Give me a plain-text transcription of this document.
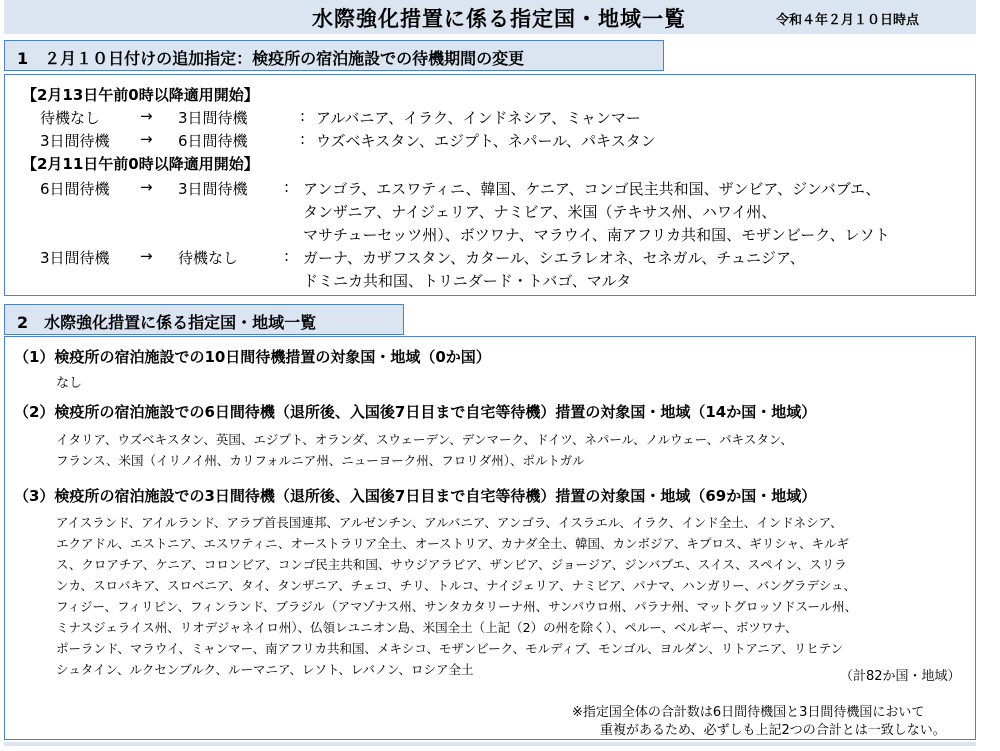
水際強化措置に係る指定国・地域一覧	令和４年２月１０日時点
1　２月１０日付けの追加指定：検疫所の宿泊施設での待機期間の変更
【2月13日午前0時以降適用開始】
待機なし	→ 3日間待機	: アルバニア、イラク、インドネシア、ミャンマー
3日間待機 → 6日間待機	: ウズベキスタン、エジプト、ネパール、パキスタン
【2月11日午前0時以降適用開始】
6日間待機 → 3日間待機 : アンゴラ、エスワティニ、韓国、ケニア、コンゴ民主共和国、ザンビア、ジンバブエ、
タンザニア、ナイジェリア、ナミビア、米国（テキサス州、ハワイ州、
マサチューセッツ州）、ボツワナ、マラウイ、南アフリカ共和国、モザンビーク、レソト
3日間待機 → 待機なし	: ガーナ、カザフスタン、カタール、シエラレオネ、セネガル、チュニジア、
ドミニカ共和国、トリニダード・トバゴ、マルタ
2　水際強化措置に係る指定国・地域一覧
（1）検疫所の宿泊施設での10日間待機措置の対象国・地域（0か国）
なし
（2）検疫所の宿泊施設での6日間待機（退所後、入国後7日目まで自宅等待機）措置の対象国・地域（14か国・地域）
イタリア、ウズベキスタン、英国、エジプト、オランダ、スウェーデン、デンマーク、ドイツ、ネパール、ノルウェー、パキスタン、
フランス、米国（イリノイ州、カリフォルニア州、ニューヨーク州、フロリダ州）、ポルトガル
（3）検疫所の宿泊施設での3日間待機（退所後、入国後7日目まで自宅等待機）措置の対象国・地域（69か国・地域）
アイスランド、アイルランド、アラブ首長国連邦、アルゼンチン、アルバニア、アンゴラ、イスラエル、イラク、インド全土、インドネシア、
エクアドル、エストニア、エスワティニ、オーストラリア全土、オーストリア、カナダ全土、韓国、カンボジア、キプロス、ギリシャ、キルギ
ス、クロアチア、ケニア、コロンビア、コンゴ民主共和国、サウジアラビア、ザンビア、ジョージア、ジンバブエ、スイス、スペイン、スリラ
ンカ、スロバキア、スロベニア、タイ、タンザニア、チェコ、チリ、トルコ、ナイジェリア、ナミビア、パナマ、ハンガリー、バングラデシュ、
フィジー、フィリピン、フィンランド、ブラジル（アマゾナス州、サンタカタリーナ州、サンパウロ州、パラナ州、マットグロッソドスール州、
ミナスジェライス州、リオデジャネイロ州）、仏領レユニオン島、米国全土（上記（2）の州を除く）、ペルー、ベルギー、ボツワナ、
ポーランド、マラウイ、ミャンマー、南アフリカ共和国、メキシコ、モザンビーク、モルディブ、モンゴル、ヨルダン、リトアニア、リヒテン
シュタイン、ルクセンブルク、ルーマニア、レソト、レバノン、ロシア全土	（計82か国・地域）
※指定国全体の合計数は6日間待機国と3日間待機国において
重複があるため、必ずしも上記2つの合計とは一致しない。
